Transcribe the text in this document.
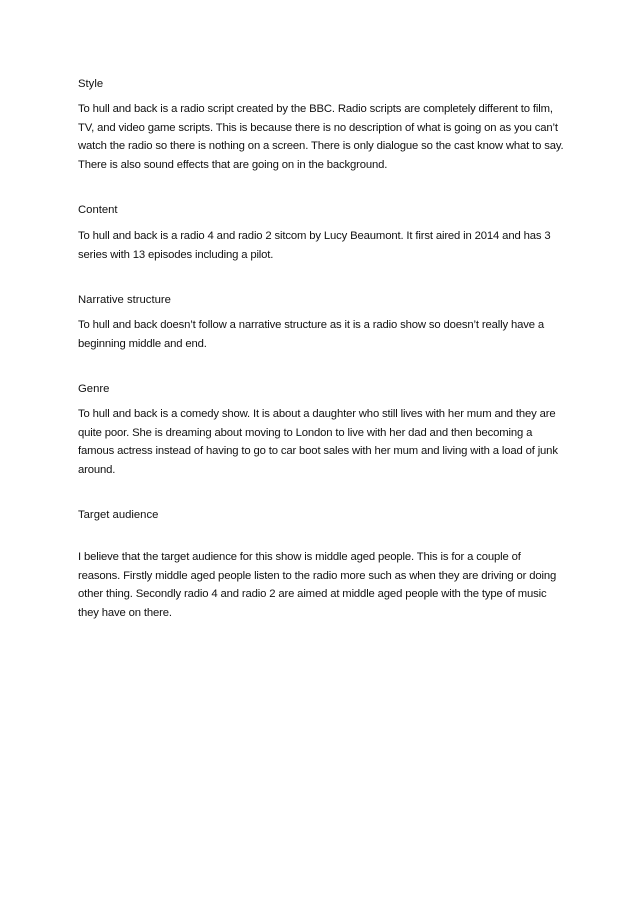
Style

To hull and back is a radio script created by the BBC. Radio scripts are completely different to film, TV, and video game scripts. This is because there is no description of what is going on as you can’t watch the radio so there is nothing on a screen. There is only dialogue so the cast know what to say. There is also sound effects that are going on in the background.

Content

To hull and back is a radio 4 and radio 2 sitcom by Lucy Beaumont. It first aired in 2014 and has 3 series with 13 episodes including a pilot.

Narrative structure

To hull and back doesn’t follow a narrative structure as it is a radio show so doesn’t really have a beginning middle and end.

Genre

To hull and back is a comedy show. It is about a daughter who still lives with her mum and they are quite poor. She is dreaming about moving to London to live with her dad and then becoming a famous actress instead of having to go to car boot sales with her mum and living with a load of junk around.

Target audience

I believe that the target audience for this show is middle aged people. This is for a couple of reasons. Firstly middle aged people listen to the radio more such as when they are driving or doing other thing. Secondly radio 4 and radio 2 are aimed at middle aged people with the type of music they have on there.
